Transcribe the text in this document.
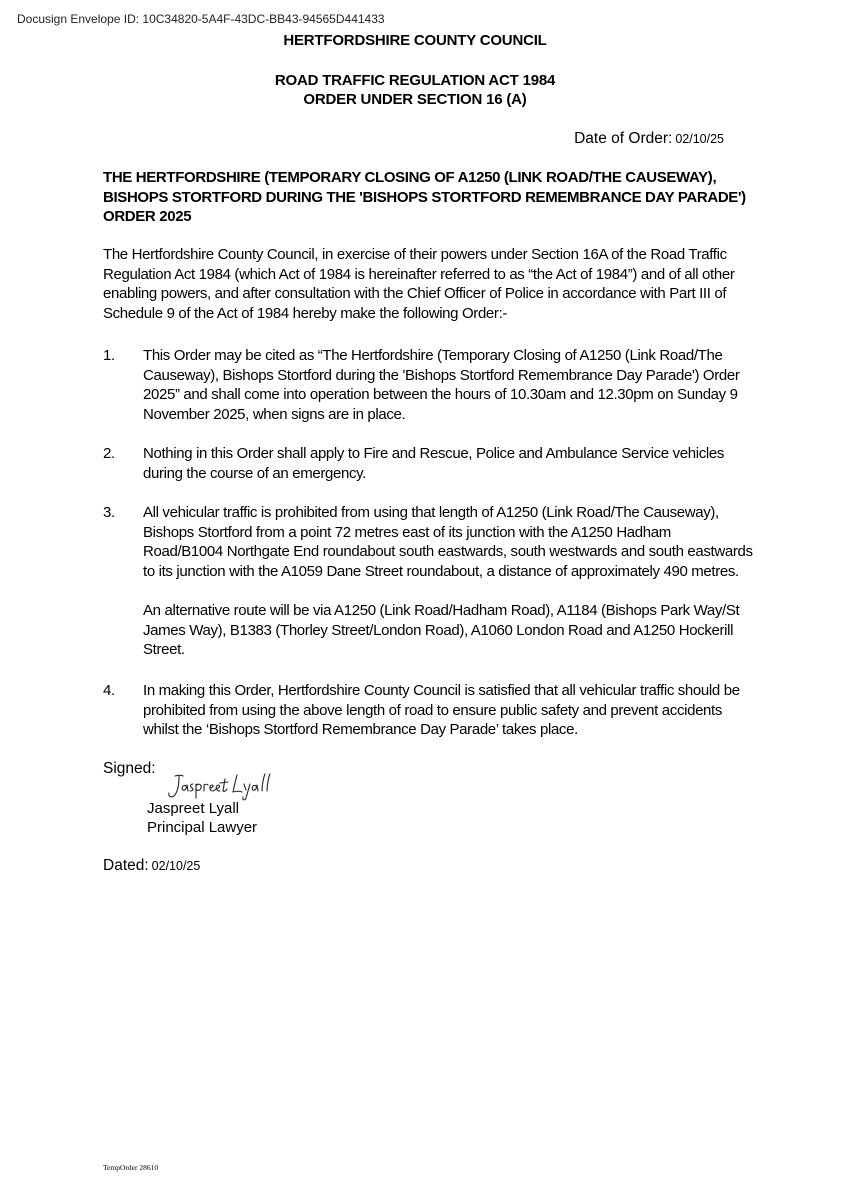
Docusign Envelope ID: 10C34820-5A4F-43DC-BB43-94565D441433
HERTFORDSHIRE COUNTY COUNCIL
ROAD TRAFFIC REGULATION ACT 1984
ORDER UNDER SECTION 16 (A)
Date of Order: 02/10/25
THE HERTFORDSHIRE (TEMPORARY CLOSING OF A1250 (LINK ROAD/THE CAUSEWAY), BISHOPS STORTFORD DURING THE 'BISHOPS STORTFORD REMEMBRANCE DAY PARADE') ORDER 2025
The Hertfordshire County Council, in exercise of their powers under Section 16A of the Road Traffic Regulation Act 1984 (which Act of 1984 is hereinafter referred to as “the Act of 1984”) and of all other enabling powers, and after consultation with the Chief Officer of Police in accordance with Part III of Schedule 9 of the Act of 1984 hereby make the following Order:-
1.	This Order may be cited as “The Hertfordshire (Temporary Closing of A1250 (Link Road/The Causeway), Bishops Stortford during the 'Bishops Stortford Remembrance Day Parade') Order 2025” and shall come into operation between the hours of 10.30am and 12.30pm on Sunday 9 November 2025, when signs are in place.
2.	Nothing in this Order shall apply to Fire and Rescue, Police and Ambulance Service vehicles during the course of an emergency.
3.	All vehicular traffic is prohibited from using that length of A1250 (Link Road/The Causeway), Bishops Stortford from a point 72 metres east of its junction with the A1250 Hadham Road/B1004 Northgate End roundabout south eastwards, south westwards and south eastwards to its junction with the A1059 Dane Street roundabout, a distance of approximately 490 metres.
An alternative route will be via A1250 (Link Road/Hadham Road), A1184 (Bishops Park Way/St James Way), B1383 (Thorley Street/London Road), A1060 London Road and A1250 Hockerill Street.
4.	In making this Order, Hertfordshire County Council is satisfied that all vehicular traffic should be prohibited from using the above length of road to ensure public safety and prevent accidents whilst the ‘Bishops Stortford Remembrance Day Parade’ takes place.
Signed:
Jaspreet Lyall
Principal Lawyer
Dated: 02/10/25
TempOrder 28610
